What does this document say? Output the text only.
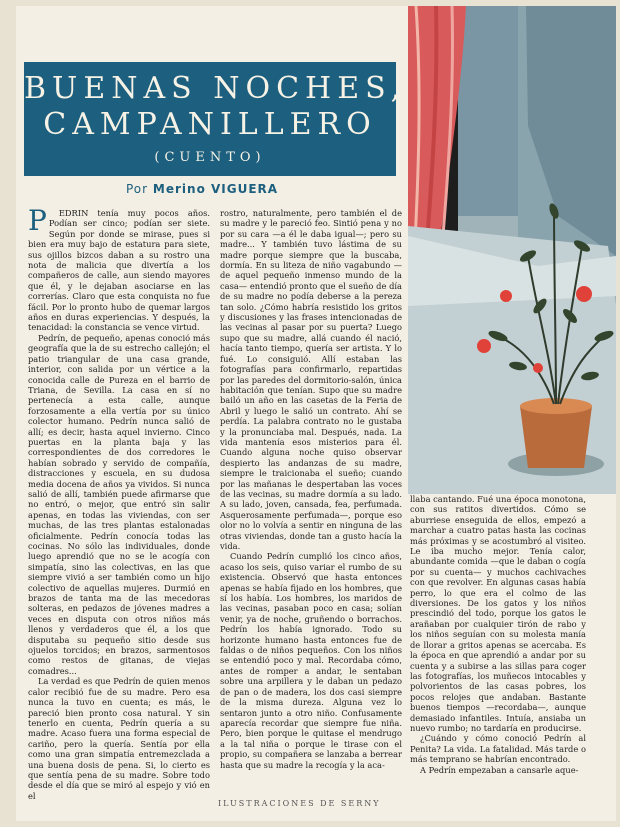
BUENAS NOCHES,
CAMPANILLERO
(CUENTO)
Por Merino VIGUERA

P EDRIN tenía muy pocos años. Podían ser cinco; podían ser siete. Según por donde se mirase, pues si bien era muy bajo de estatura para siete, sus ojillos bizcos daban a su rostro una nota de malicia que divertía a los compañeros de calle, aun siendo mayores que él, y le dejaban asociarse en las correrías. Claro que esta conquista no fue fácil. Por lo pronto hubo de quemar largos años en duras experiencias. Y después, la tenacidad: la constancia se vence virtud.

Pedrín, de pequeño, apenas conoció más geografía que la de su estrecho callejón; el patio triangular de una casa grande, interior, con salida por un vértice a la conocida calle de Pureza en el barrio de Triana, de Sevilla. La casa en sí no pertenecía a esta calle, aunque forzosamente a ella vertía por su único colector humano. Pedrín nunca salió de allí; es decir, hasta aquel invierno. Cinco puertas en la planta baja y las correspondientes de dos corredores le habían sobrado y servido de compañía, distracciones y escuela, en su dudosa media docena de años ya vividos. Si nunca salió de allí, también puede afirmarse que no entró, o mejor, que entró sin salir apenas, en todas las viviendas, con ser muchas, de las tres plantas estalonadas oficialmente. Pedrín conocía todas las cocinas. No sólo las individuales, donde luego aprendió que no se le acogía con simpatía, sino las colectivas, en las que siempre vivió a ser también como un hijo colectivo de aquellas mujeres. Durmió en brazos de tanta ma de las mecedoras solteras, en pedazos de jóvenes madres a veces en disputa con otros niños más llenos y verdaderos que él, a los que disputaba su pequeño sitio desde sus ojuelos torcidos; en brazos, sarmentosos como restos de gitanas, de viejas comadres...

La verdad es que Pedrín de quien menos calor recibió fue de su madre. Pero esa nunca la tuvo en cuenta; es más, le pareció bien pronto cosa natural. Y sin tenerlo en cuenta, Pedrín quería a su madre. Acaso fuera una forma especial de cariño, pero la quería. Sentía por ella como una gran simpatía entremezclada a una buena dosis de pena. Si, lo cierto es que sentía pena de su madre. Sobre todo desde el día que se miró al espejo y vió en el

rostro, naturalmente, pero también el de su madre y le pareció feo. Sintió pena y no por su cara —a él le daba igual—; pero su madre... Y también tuvo lástima de su madre porque siempre que la buscaba, dormía. En su liteza de niño vagabundo —de aquel pequeño inmenso mundo de la casa— entendió pronto que el sueño de día de su madre no podía deberse a la pereza tan solo. ¿Cómo habría resistido los gritos y discusiones y las frases intencionadas de las vecinas al pasar por su puerta? Luego supo que su madre, allá cuando él nació, hacía tanto tiempo, quería ser artista. Y lo fué. Lo consiguió. Allí estaban las fotografías para confirmarlo, repartidas por las paredes del dormitorio-salón, única habitación que tenían. Supo que su madre bailó un año en las casetas de la Feria de Abril y luego le salió un contrato. Ahí se perdía. La palabra contrato no le gustaba y la pronunciaba mal. Después, nada. La vida mantenía esos misterios para él. Cuando alguna noche quiso observar despierto las andanzas de su madre, siempre le traicionaba el sueño; cuando por las mañanas le despertaban las voces de las vecinas, su madre dormía a su lado. A su lado, joven, cansada, fea, perfumada. Asquerosamente perfumada—, porque eso olor no lo volvía a sentir en ninguna de las otras viviendas, donde tan a gusto hacía la vida.

Cuando Pedrín cumplió los cinco años, acaso los seis, quiso variar el rumbo de su existencia. Observó que hasta entonces apenas se había fijado en los hombres, que sí los había. Los hombres, los maridos de las vecinas, pasaban poco en casa; solían venir, ya de noche, gruñendo o borrachos. Pedrín los había ignorado. Todo su horizonte humano hasta entonces fue de faldas o de niños pequeños. Con los niños se entendió poco y mal. Recordaba cómo, antes de romper a andar, le sentaban sobre una arpillera y le daban un pedazo de pan o de madera, los dos casi siempre de la misma dureza. Alguna vez lo sentaron junto a otro niño. Confusamente aparecía recordar que siempre fue niña. Pero, bien porque le quitase el mendrugo a la tal niña o porque le tirase con el propio, su compañera se lanzaba a berrear hasta que su madre la recogía y la aca-

llaba cantando. Fué una época monotona, con sus ratitos divertidos. Cómo se aburriese enseguida de ellos, empezó a marchar a cuatro patas hasta las cocinas más próximas y se acostumbró al visiteo. Le iba mucho mejor. Tenía calor, abundante comida —que le daban o cogía por su cuenta— y muchos cachivaches con que revolver. En algunas casas había perro, lo que era el colmo de las diversiones. De los gatos y los niños prescindió del todo, porque los gatos le arañaban por cualquier tirón de rabo y los niños seguían con su molesta manía de llorar a gritos apenas se acercaba. Es la época en que aprendió a andar por su cuenta y a subirse a las sillas para coger las fotografías, los muñecos intocables y polvorientos de las casas pobres, los pocos relojes que andaban. Bastante buenos tiempos —recordaba—, aunque demasiado infantiles. Intuía, ansiaba un nuevo rumbo; no tardaría en producirse.

¿Cuándo y cómo conoció Pedrín al Penita? La vida. La fatalidad. Más tarde o más temprano se habrían encontrado.

A Pedrín empezaban a cansarle aque-

ILUSTRACIONES DE SERNY
